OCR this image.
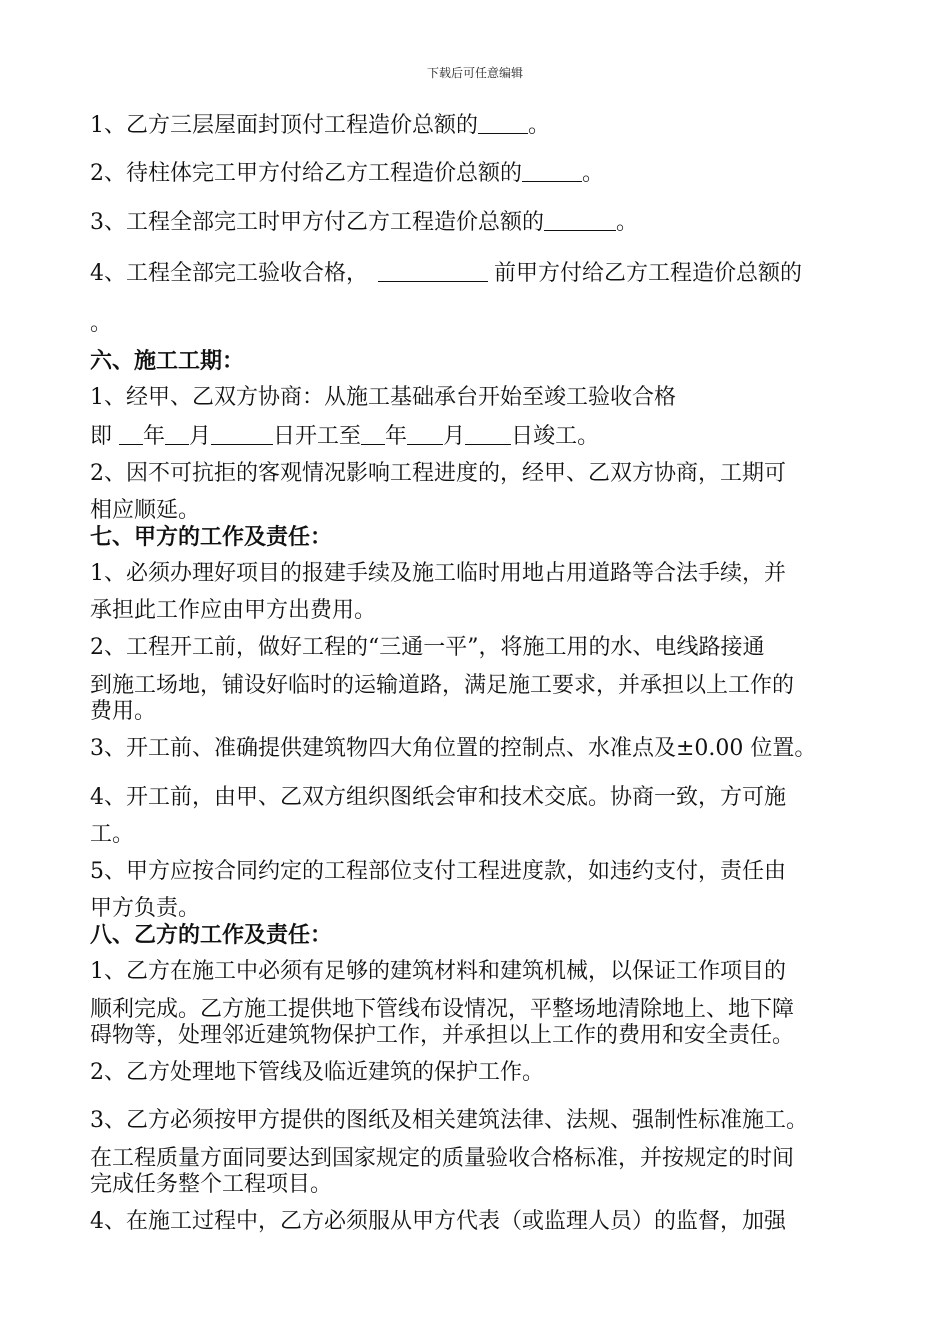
下载后可任意编辑
1、乙方三层屋面封顶付工程造价总额的 。
2、待柱体完工甲方付给乙方工程造价总额的	。
3、工程全部完工时甲方付乙方工程造价总额的	。
4、工程全部完工验收合格，	前甲方付给乙方工程造价总额的
。
六、施工工期：
1、经甲、乙双方协商：从施工基础承台开始至竣工验收合格
即 年 月	日开工至 年 月 日竣工。
2、因不可抗拒的客观情况影响工程进度的，经甲、乙双方协商，工期可
相应顺延。
七、甲方的工作及责任：
1、必须办理好项目的报建手续及施工临时用地占用道路等合法手续，并
承担此工作应由甲方出费用。
2、工程开工前，做好工程的“三通一平”，将施工用的水、电线路接通
到施工场地，铺设好临时的运输道路，满足施工要求，并承担以上工作的
费用。
3、开工前、准确提供建筑物四大角位置的控制点、水准点及±0.00 位置。
4、开工前，由甲、乙双方组织图纸会审和技术交底。协商一致，方可施
工。
5、甲方应按合同约定的工程部位支付工程进度款，如违约支付，责任由
甲方负责。
八、乙方的工作及责任：
1、乙方在施工中必须有足够的建筑材料和建筑机械，以保证工作项目的
顺利完成。乙方施工提供地下管线布设情况，平整场地清除地上、地下障
碍物等，处理邻近建筑物保护工作，并承担以上工作的费用和安全责任。
2、乙方处理地下管线及临近建筑的保护工作。
3、乙方必须按甲方提供的图纸及相关建筑法律、法规、强制性标准施工。
在工程质量方面同要达到国家规定的质量验收合格标准，并按规定的时间
完成任务整个工程项目。
4、在施工过程中，乙方必须服从甲方代表（或监理人员）的监督，加强
